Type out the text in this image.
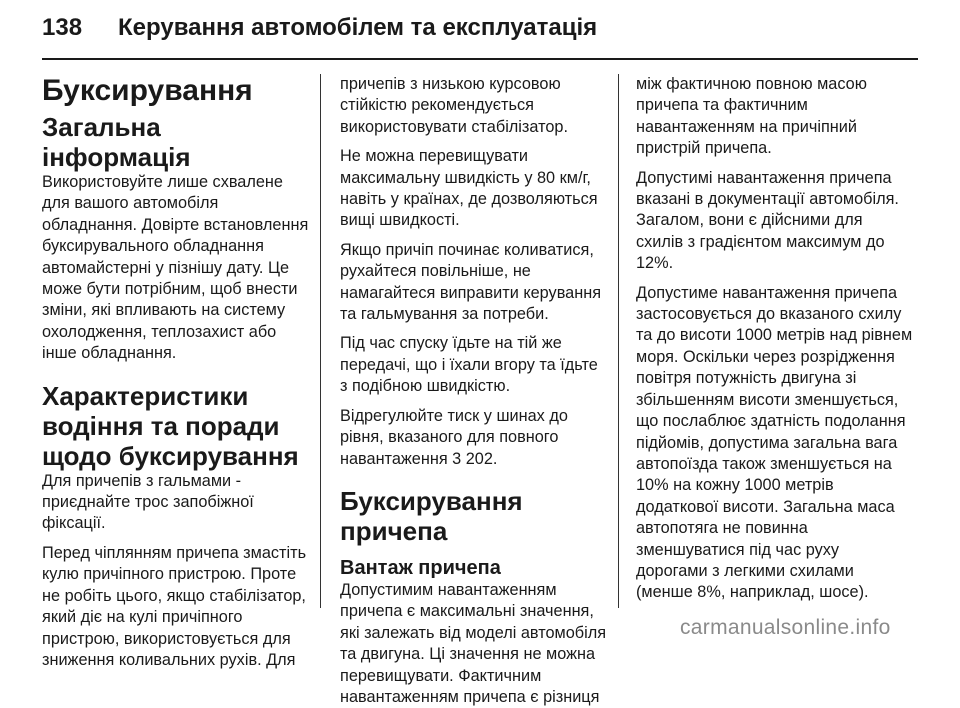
138 Керування автомобілем та експлуатація
Буксирування
Загальна інформація
Використовуйте лише схвалене для вашого автомобіля обладнання. Довірте встановлення буксирувального обладнання автомайстерні у пізнішу дату. Це може бути потрібним, щоб внести зміни, які впливають на систему охолодження, теплозахист або інше обладнання.
Характеристики водіння та поради щодо буксирування
Для причепів з гальмами - приєднайте трос запобіжної фіксації.
Перед чіплянням причепа змастіть кулю причіпного пристрою. Проте не робіть цього, якщо стабілізатор, який діє на кулі причіпного пристрою, використовується для зниження коливальних рухів. Для
причепів з низькою курсовою стійкістю рекомендується використовувати стабілізатор.
Не можна перевищувати максимальну швидкість у 80 км/г, навіть у країнах, де дозволяються вищі швидкості.
Якщо причіп починає коливатися, рухайтеся повільніше, не намагайтеся виправити керування та гальмування за потреби.
Під час спуску їдьте на тій же передачі, що і їхали вгору та їдьте з подібною швидкістю.
Відрегулюйте тиск у шинах до рівня, вказаного для повного навантаження 3 202.
Буксирування причепа
Вантаж причепа
Допустимим навантаженням причепа є максимальні значення, які залежать від моделі автомобіля та двигуна. Ці значення не можна перевищувати. Фактичним навантаженням причепа є різниця
між фактичною повною масою причепа та фактичним навантаженням на причіпний пристрій причепа.
Допустимі навантаження причепа вказані в документації автомобіля. Загалом, вони є дійсними для схилів з градієнтом максимум до 12%.
Допустиме навантаження причепа застосовується до вказаного схилу та до висоти 1000 метрів над рівнем моря. Оскільки через розрідження повітря потужність двигуна зі збільшенням висоти зменшується, що послаблює здатність подолання підйомів, допустима загальна вага автопоїзда також зменшується на 10% на кожну 1000 метрів додаткової висоти. Загальна маса автопотяга не повинна зменшуватися під час руху дорогами з легкими схилами (менше 8%, наприклад, шосе).
carmanualsonline.info
